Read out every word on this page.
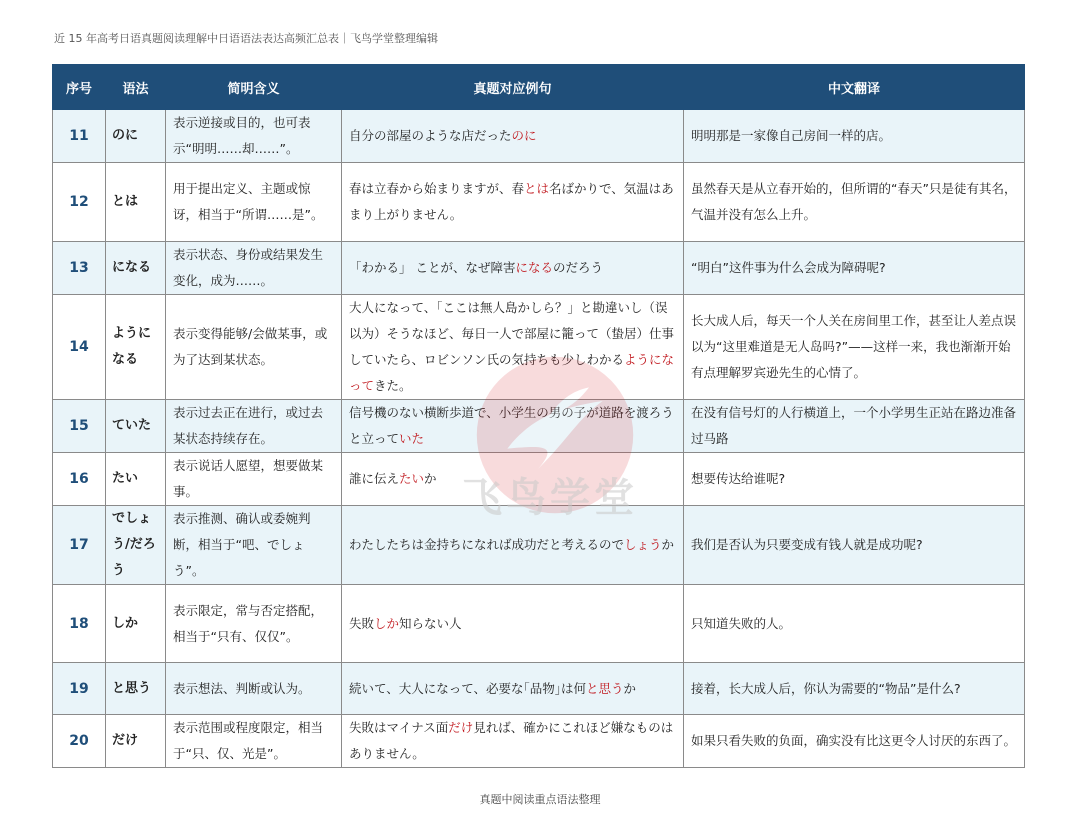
近 15 年高考日语真题阅读理解中日语语法表达高频汇总表｜飞鸟学堂整理编辑
序号	语法	简明含义	真题对应例句	中文翻译
11	のに	表示逆接或目的，也可表示“明明……却……”。	自分の部屋のような店だったのに	明明那是一家像自己房间一样的店。
12	とは	用于提出定义、主题或惊讶，相当于“所谓……是”。	春は立春から始まりますが、春とは名ばかりで、気温はあまり上がりません。	虽然春天是从立春开始的，但所谓的“春天”只是徒有其名，气温并没有怎么上升。
13	になる	表示状态、身份或结果发生变化，成为……。	「わかる」 ことが、なぜ障害になるのだろう	“明白”这件事为什么会成为障碍呢?
14	ようになる	表示变得能够/会做某事，或为了达到某状态。	大人になって、「ここは無人島かしら？」と勘違いし（误以为）そうなほど、毎日一人で部屋に籠って（蛰居）仕事していたら、ロビンソン氏の気持ちも少しわかるようになってきた。	长大成人后，每天一个人关在房间里工作，甚至让人差点误以为“这里难道是无人岛吗?”——这样一来，我也渐渐开始有点理解罗宾逊先生的心情了。
15	ていた	表示过去正在进行，或过去某状态持续存在。	信号機のない横断歩道で、小学生の男の子が道路を渡ろうと立っていた	在没有信号灯的人行横道上，一个小学男生正站在路边准备过马路
16	たい	表示说话人愿望，想要做某事。	誰に伝えたいか	想要传达给谁呢?
17	でしょう/だろう	表示推测、确认或委婉判断，相当于“吧、でしょう”。	わたしたちは金持ちになれば成功だと考えるのでしょうか	我们是否认为只要变成有钱人就是成功呢?
18	しか	表示限定，常与否定搭配，相当于“只有、仅仅”。	失敗しか知らない人	只知道失败的人。
19	と思う	表示想法、判断或认为。	続いて、大人になって、必要な｢品物｣は何と思うか	接着，长大成人后，你认为需要的“物品”是什么?
20	だけ	表示范围或程度限定，相当于“只、仅、光是”。	失敗はマイナス面だけ見れば、確かにこれほど嫌なものはありません。	如果只看失败的负面，确实没有比这更令人讨厌的东西了。
飞鸟学堂
真题中阅读重点语法整理
